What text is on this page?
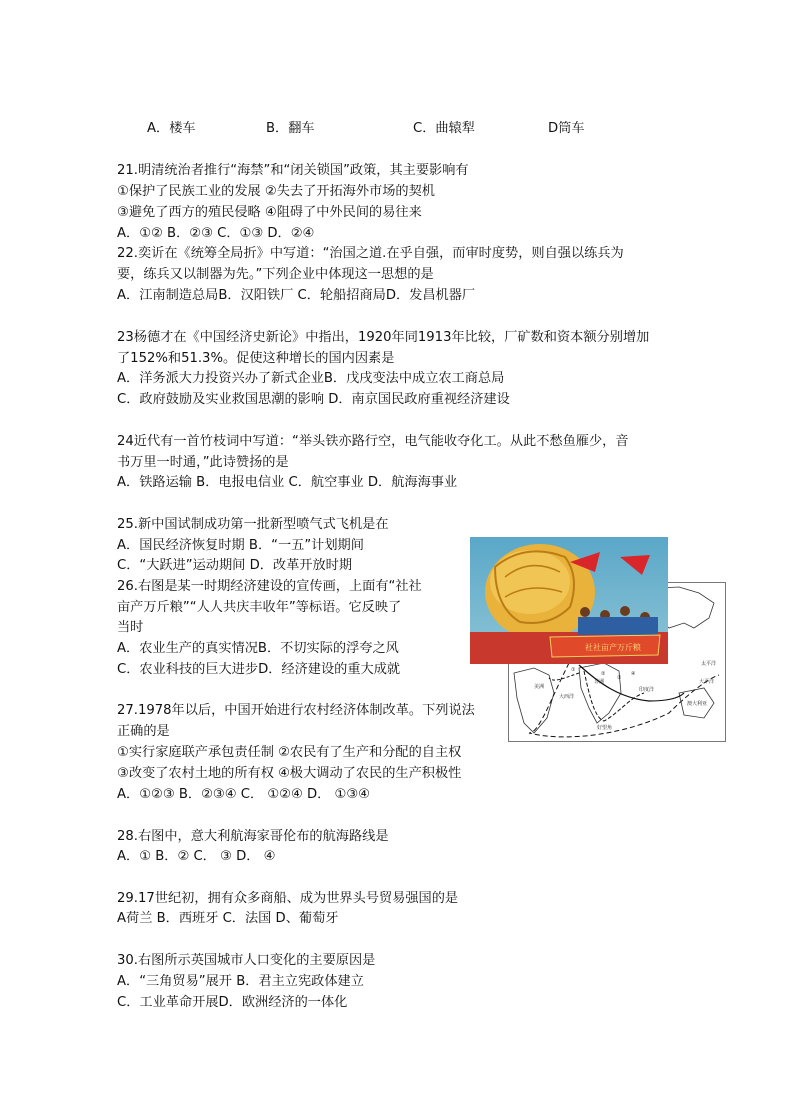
A．楼车	B．翻车	C．曲辕犁	D筒车
21.明清统治者推行“海禁”和“闭关锁国”政策，其主要影响有
①保护了民族工业的发展 ②失去了开拓海外市场的契机
③避免了西方的殖民侵略 ④阻碍了中外民间的易往来
A．①② B．②③ C．①③ D．②④
22.奕䜣在《统筹全局折》中写道：“治国之道.在乎自强，而审时度势，则自强以练兵为
要，练兵又以制器为先。”下列企业中体现这一思想的是
A．江南制造总局B．汉阳铁厂 C．轮船招商局D．发昌机器厂
23杨德才在《中国经济史新论》中指出，1920年同1913年比较，厂矿数和资本额分别增加
了152%和51.3%。促使这种增长的国内因素是
A．洋务派大力投资兴办了新式企业B．戊戌变法中成立农工商总局
C．政府鼓励及实业救国思潮的影响 D．南京国民政府重视经济建设
24近代有一首竹枝词中写道：“举头铁亦路行空，电气能收夺化工。从此不愁鱼雁少，音
书万里一时通，”此诗赞扬的是
A．铁路运输 B．电报电信业 C．航空事业 D．航海海事业
25.新中国试制成功第一批新型喷气式飞机是在
A．国民经济恢复时期 B．“一五”计划期间
C．“大跃进”运动期间 D．改革开放时期
26.右图是某一时期经济建设的宣传画，上面有“社社
亩产万斤粮”“人人共庆丰收年”等标语。它反映了
当时
A．农业生产的真实情况B．不切实际的浮夸之风
C．农业科技的巨大进步D．经济建设的重大成就
27.1978年以后，中国开始进行农村经济体制改革。下列说法
正确的是
①实行家庭联产承包责任制 ②农民有了生产和分配的自主权
③改变了农村土地的所有权 ④极大调动了农民的生产积极性
A．①②③ B．②③④ C． ①②④ D． ①③④
28.右图中，意大利航海家哥伦布的航海路线是
A．① B．② C． ③ D． ④
29.17世纪初，拥有众多商船、成为世界头号贸易强国的是
A荷兰 B．西班牙 C．法国 D、葡萄牙
30.右图所示英国城市人口变化的主要原因是
A．“三角贸易”展开 B．君主立宪政体建立
C．工业革命开展D．欧洲经济的一体化
太平洋
美洲
非洲
印度洋
大西洋
好望角
大平洋
澳大利亚
①
②
③
④
社社亩产万斤粮
